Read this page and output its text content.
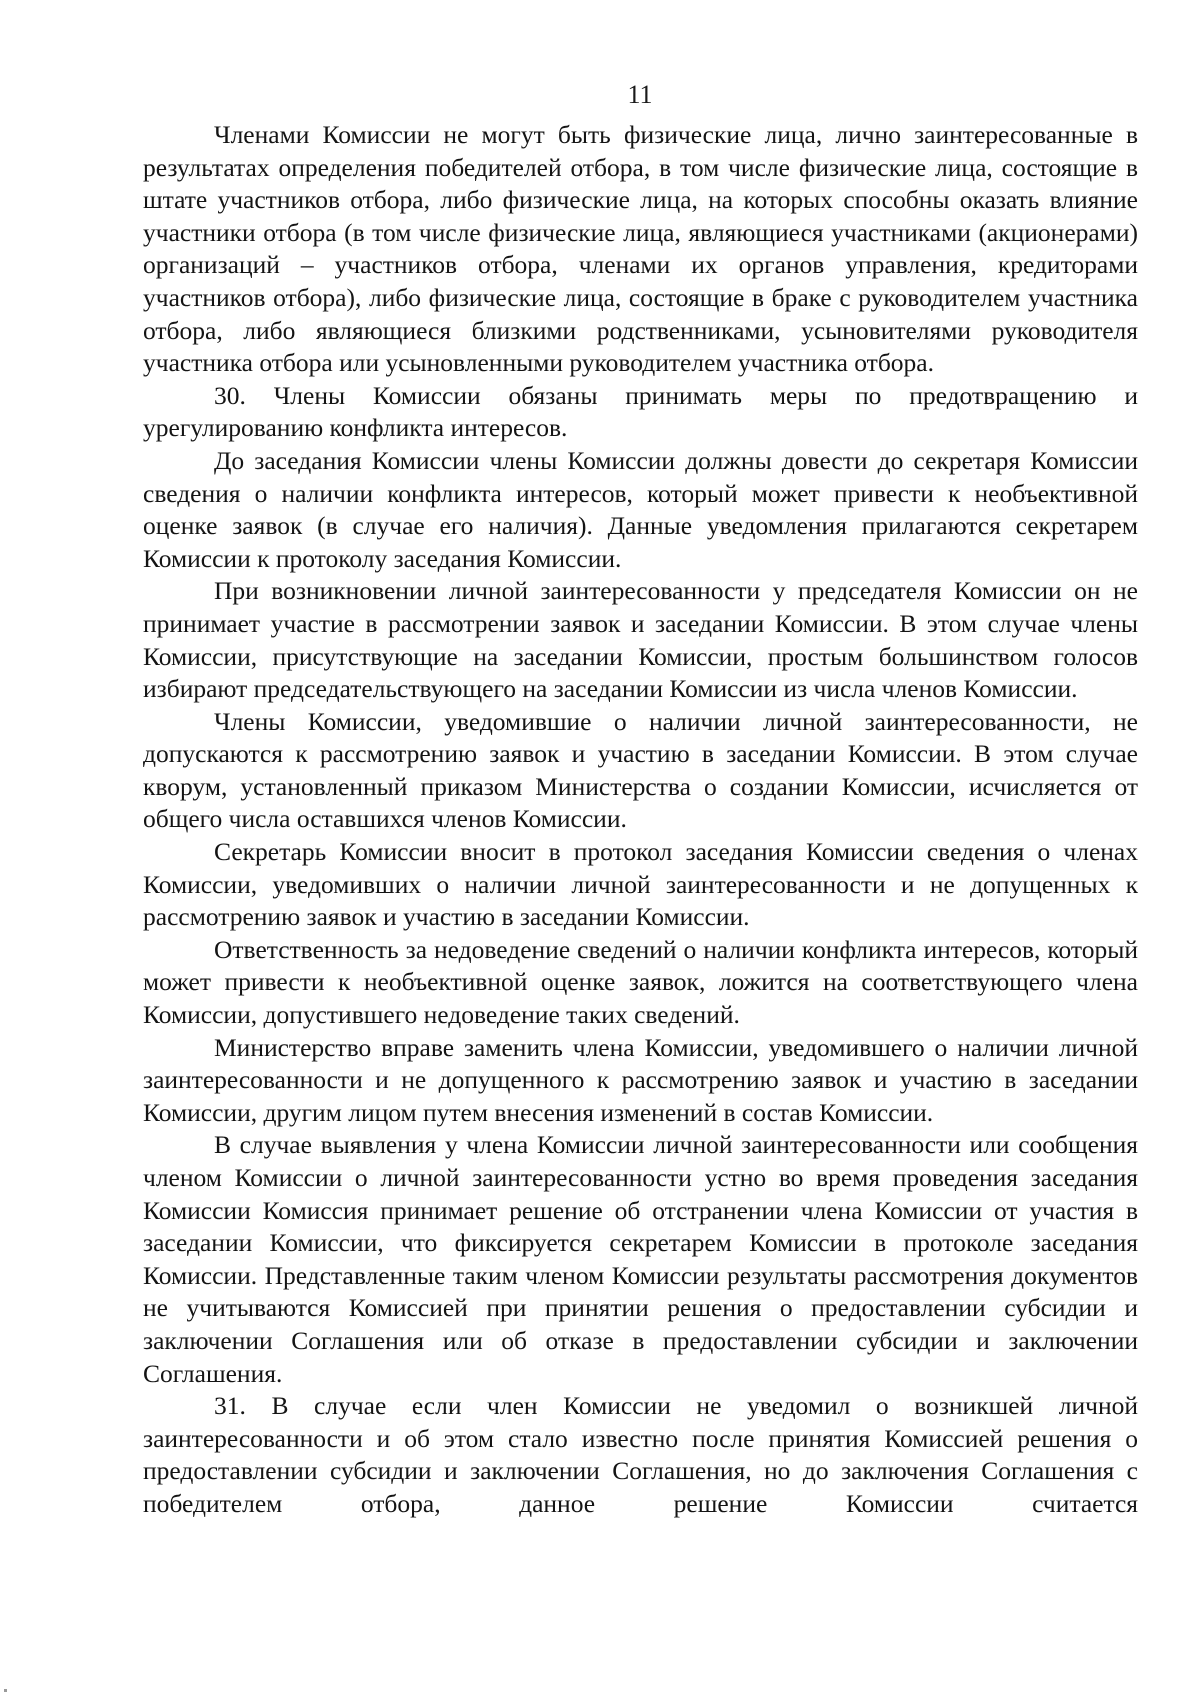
11

Членами Комиссии не могут быть физические лица, лично заинтересованные в результатах определения победителей отбора, в том числе физические лица, состоящие в штате участников отбора, либо физические лица, на которых способны оказать влияние участники отбора (в том числе физические лица, являющиеся участниками (акционерами) организаций – участников отбора, членами их органов управления, кредиторами участников отбора), либо физические лица, состоящие в браке с руководителем участника отбора, либо являющиеся близкими родственниками, усыновителями руководителя участника отбора или усыновленными руководителем участника отбора.

30. Члены Комиссии обязаны принимать меры по предотвращению и урегулированию конфликта интересов.

До заседания Комиссии члены Комиссии должны довести до секретаря Комиссии сведения о наличии конфликта интересов, который может привести к необъективной оценке заявок (в случае его наличия). Данные уведомления прилагаются секретарем Комиссии к протоколу заседания Комиссии.

При возникновении личной заинтересованности у председателя Комиссии он не принимает участие в рассмотрении заявок и заседании Комиссии. В этом случае члены Комиссии, присутствующие на заседании Комиссии, простым большинством голосов избирают председательствующего на заседании Комиссии из числа членов Комиссии.

Члены Комиссии, уведомившие о наличии личной заинтересованности, не допускаются к рассмотрению заявок и участию в заседании Комиссии. В этом случае кворум, установленный приказом Министерства о создании Комиссии, исчисляется от общего числа оставшихся членов Комиссии.

Секретарь Комиссии вносит в протокол заседания Комиссии сведения о членах Комиссии, уведомивших о наличии личной заинтересованности и не допущенных к рассмотрению заявок и участию в заседании Комиссии.

Ответственность за недоведение сведений о наличии конфликта интересов, который может привести к необъективной оценке заявок, ложится на соответствующего члена Комиссии, допустившего недоведение таких сведений.

Министерство вправе заменить члена Комиссии, уведомившего о наличии личной заинтересованности и не допущенного к рассмотрению заявок и участию в заседании Комиссии, другим лицом путем внесения изменений в состав Комиссии.

В случае выявления у члена Комиссии личной заинтересованности или сообщения членом Комиссии о личной заинтересованности устно во время проведения заседания Комиссии Комиссия принимает решение об отстранении члена Комиссии от участия в заседании Комиссии, что фиксируется секретарем Комиссии в протоколе заседания Комиссии. Представленные таким членом Комиссии результаты рассмотрения документов не учитываются Комиссией при принятии решения о предоставлении субсидии и заключении Соглашения или об отказе в предоставлении субсидии и заключении Соглашения.

31. В случае если член Комиссии не уведомил о возникшей личной заинтересованности и об этом стало известно после принятия Комиссией решения о предоставлении субсидии и заключении Соглашения, но до заключения Соглашения с победителем отбора, данное решение Комиссии считается
